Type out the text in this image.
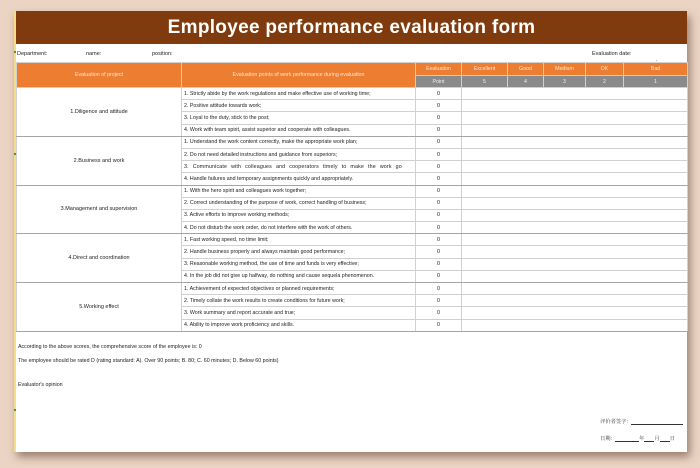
Employee performance evaluation form
Department:	name:	position:	Evaluation date:.
Evaluation of project	Evaluation points of work performance during evaluation	Evaluation	Excellent	Good	Medium	OK	Bad
		Point	5	4	3	2	1
1.Diligence and attitude	1. Strictly abide by the work regulations and make effective use of working time;	0					
	2. Positive attitude towards work;	0					
	3. Loyal to the duty, stick to the post;	0					
	4. Work with team spirit, assist superior and cooperate with colleagues.	0					
2.Business and work	1. Understand the work content correctly, make the appropriate work plan;	0					
	2. Do not need detailed instructions and guidance from superiors;	0					
	3. Communicate with colleagues and cooperators timely to make the work go	0					
	4. Handle failures and temporary assignments quickly and appropriately.	0					
3.Management and supervision	1. With the hero spirit and colleagues work together;	0					
	2. Correct understanding of the purpose of work, correct handling of business;	0					
	3. Active efforts to improve working methods;	0					
	4. Do not disturb the work order, do not interfere with the work of others.	0					
4.Direct and coordination	1. Fast working speed, no time limit;	0					
	2. Handle business properly and always maintain good performance;	0					
	3. Reasonable working method, the use of time and funds is very effective;	0					
	4. In the job did not give up halfway, do nothing and cause sequela phenomenon.	0					
5.Working effect	1. Achievement of expected objectives or planned requirements;	0					
	2. Timely collate the work results to create conditions for future work;	0					
	3. Work summary and report accurate and true;	0					
	4. Ability to improve work proficiency and skills.	0					
According to the above scores, the comprehensive score of the employee is: 0
The employee should be rated D (rating standard: A). Over 90 points; B. 80; C. 60 minutes; D. Below 60 points)
Evaluator's opinion
评价者签字:
日期:	年 月 日
